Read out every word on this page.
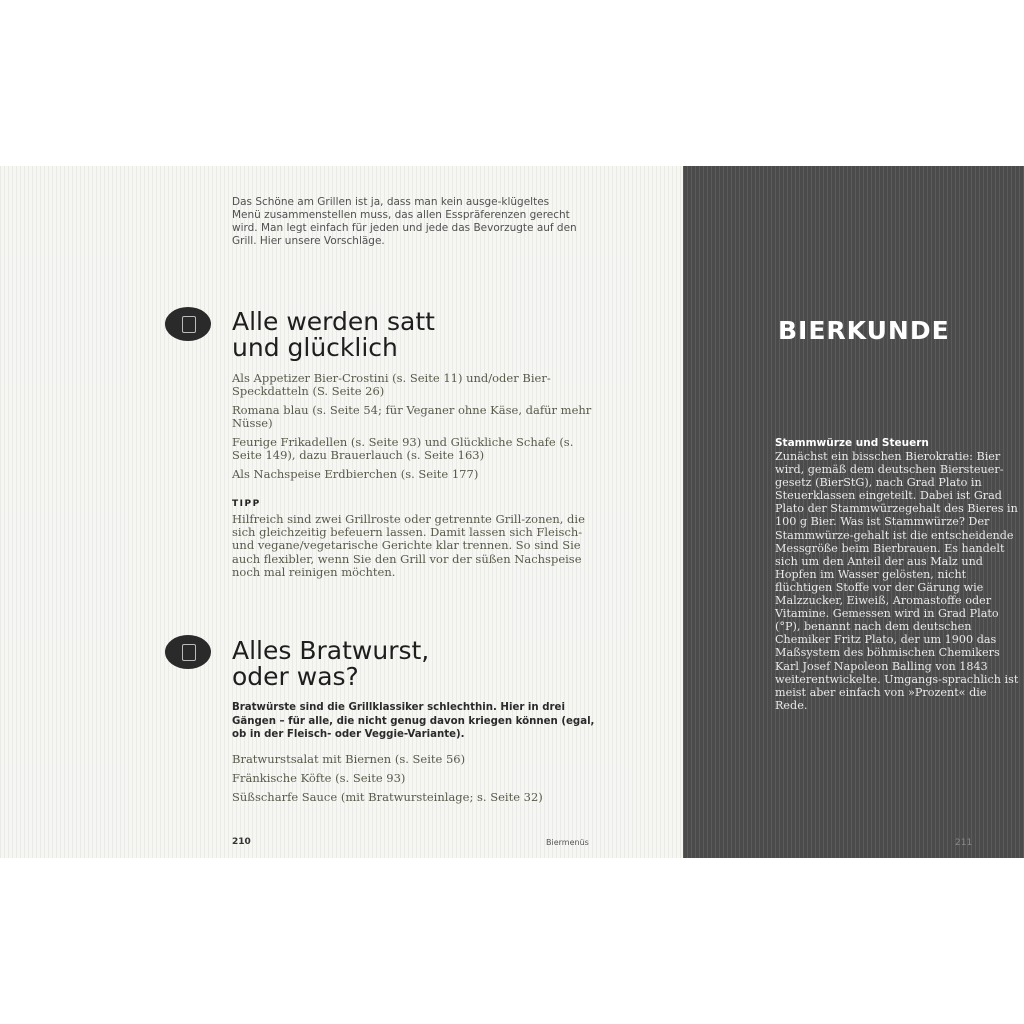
Das Schöne am Grillen ist ja, dass man kein ausge-klügeltes Menü zusammenstellen muss, das allen Esspräferenzen gerecht wird. Man legt einfach für jeden und jede das Bevorzugte auf den Grill. Hier unsere Vorschläge.

Alle werden satt
und glücklich
Als Appetizer Bier-Crostini (s. Seite 11) und/oder Bier-Speckdatteln (S. Seite 26)
Romana blau (s. Seite 54; für Veganer ohne Käse, dafür mehr Nüsse)
Feurige Frikadellen (s. Seite 93) und Glückliche Schafe (s. Seite 149), dazu Brauerlauch (s. Seite 163)
Als Nachspeise Erdbierchen (s. Seite 177)

TIPP

Hilfreich sind zwei Grillroste oder getrennte Grill-zonen, die sich gleichzeitig befeuern lassen. Damit lassen sich Fleisch- und vegane/vegetarische Gerichte klar trennen. So sind Sie auch flexibler, wenn Sie den Grill vor der süßen Nachspeise noch mal reinigen möchten.

Alles Bratwurst,
oder was?

Bratwürste sind die Grillklassiker schlechthin. Hier in drei Gängen – für alle, die nicht genug davon kriegen können (egal, ob in der Fleisch- oder Veggie-Variante).

Bratwurstsalat mit Biernen (s. Seite 56)
Fränkische Köfte (s. Seite 93)
Süßscharfe Sauce (mit Bratwursteinlage; s. Seite 32)

210	Biermenüs

BIERKUNDE
Stammwürze und Steuern

Zunächst ein bisschen Bierokratie: Bier wird, gemäß dem deutschen Biersteuer-gesetz (BierStG), nach Grad Plato in Steuerklassen eingeteilt. Dabei ist Grad Plato der Stammwürzegehalt des Bieres in 100 g Bier. Was ist Stammwürze? Der Stammwürze-gehalt ist die entscheidende Messgröße beim Bierbrauen. Es handelt sich um den Anteil der aus Malz und Hopfen im Wasser gelösten, nicht flüchtigen Stoffe vor der Gärung wie Malzzucker, Eiweiß, Aromastoffe oder Vitamine. Gemessen wird in Grad Plato (°P), benannt nach dem deutschen Chemiker Fritz Plato, der um 1900 das Maßsystem des böhmischen Chemikers Karl Josef Napoleon Balling von 1843 weiterentwickelte. Umgangs-sprachlich ist meist aber einfach von »Prozent« die Rede.

211
